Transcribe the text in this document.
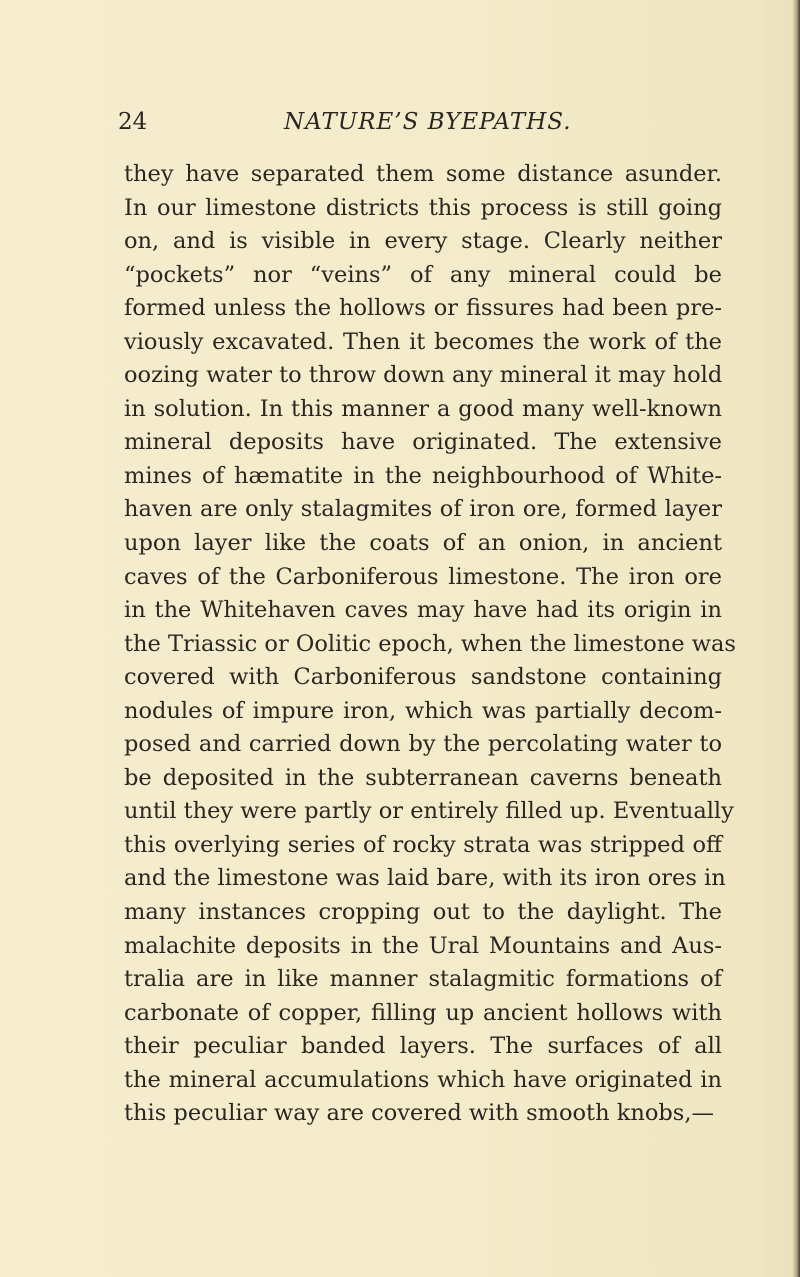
24	NATURE’S BYEPATHS.
they have separated them some distance asunder.
In our limestone districts this process is still going
on, and is visible in every stage. Clearly neither
“pockets” nor “veins” of any mineral could be
formed unless the hollows or fissures had been pre-
viously excavated. Then it becomes the work of the
oozing water to throw down any mineral it may hold
in solution. In this manner a good many well-known
mineral deposits have originated. The extensive
mines of hæmatite in the neighbourhood of White-
haven are only stalagmites of iron ore, formed layer
upon layer like the coats of an onion, in ancient
caves of the Carboniferous limestone. The iron ore
in the Whitehaven caves may have had its origin in
the Triassic or Oolitic epoch, when the limestone was
covered with Carboniferous sandstone containing
nodules of impure iron, which was partially decom-
posed and carried down by the percolating water to
be deposited in the subterranean caverns beneath
until they were partly or entirely filled up. Eventually
this overlying series of rocky strata was stripped off
and the limestone was laid bare, with its iron ores in
many instances cropping out to the daylight. The
malachite deposits in the Ural Mountains and Aus-
tralia are in like manner stalagmitic formations of
carbonate of copper, filling up ancient hollows with
their peculiar banded layers. The surfaces of all
the mineral accumulations which have originated in
this peculiar way are covered with smooth knobs,—
